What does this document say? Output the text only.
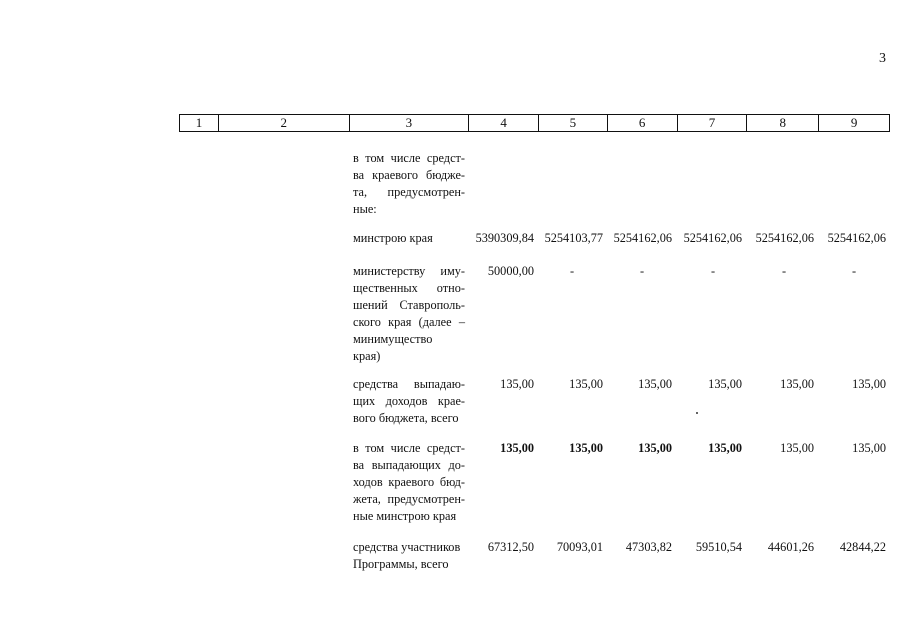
3
1	2	3	4	5	6	7	8	9
в том числе средст-
ва краевого бюдже-
та, предусмотрен-
ные:
минстрою края	5390309,84 5254103,77 5254162,06 5254162,06 5254162,06 5254162,06
министерству иму-
щественных отно-
шений Ставрополь-
ского края (далее –
минимущество
края)
50000,00	-	-	-	-	-
средства выпадаю-
щих доходов крае-
вого бюджета, всего
135,00	135,00	135,00	135,00	135,00	135,00
в том числе средст-
ва выпадающих до-
ходов краевого бюд-
жета, предусмотрен-
ные минстрою края
135,00	135,00	135,00	135,00	135,00	135,00
средства участников
Программы, всего
67312,50 70093,01 47303,82 59510,54 44601,26 42844,22
